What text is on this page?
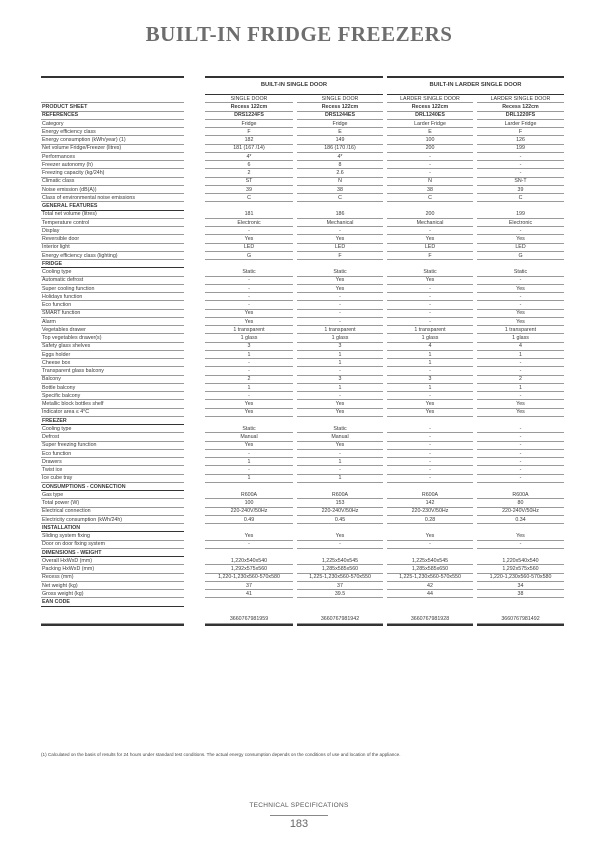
BUILT-IN FRIDGE FREEZERS

		BUILT-IN SINGLE DOOR				BUILT-IN LARDER SINGLE DOOR		
		SINGLE DOOR		SINGLE DOOR		LARDER SINGLE DOOR		LARDER SINGLE DOOR
PRODUCT SHEET		Recess 122cm		Recess 122cm		Recess 122cm		Recess 122cm
REFERENCES		DRS1224FS		DRS1244ES		DRL1240ES		DRL1220FS
Category		Fridge		Fridge		Larder Fridge		Larder Fridge
Energy efficiency class		F		E		E		F
Energy consumption (kWh/year) (1)		182		149		100		126
Net volume Fridge/Freezer (litres)		181 (167 /14)		186 (170 /16)		200		199
Performances		4*		4*		-		-
Freezer autonomy (h)		6		8		-		-
Freezing capacity (kg/24h)		2		2.6		-		-
Climatic class		ST		N		N		SN-T
Noise emission (dB(A))		39		38		38		39
Class of environmental noise emissions		C		C		C		C
GENERAL FEATURES								
Total net volume (litres)		181		186		200		199
Temperature control		Electronic		Mechanical		Mechanical		Electronic
Display		-		-		-		-
Reversible door		Yes		Yes		Yes		Yes
Interior light		LED		LED		LED		LED
Energy efficiency class (lighting)		G		F		F		G
FRIDGE								
Cooling type		Static		Static		Static		Static
Automatic defrost		-		Yes		Yes		-
Super cooling function		-		Yes		-		Yes
Holidays function		-		-		-		-
Eco function		-		-		-		-
SMART function		Yes		-		-		Yes
Alarm		Yes		-		-		Yes
Vegetables drawer		1 transparent		1 transparent		1 transparent		1 transparent
Top vegetables drawer(s)		1 glass		1 glass		1 glass		1 glass
Safety glass shelves		3		3		4		4
Eggs holder		1		1		1		1
Cheese box		-		1		1		-
Transparent glass balcony		-		-		-		-
Balcony		2		3		3		2
Bottle balcony		1		1		1		1
Specific balcony		-		-		-		-
Metallic block bottles shelf		Yes		Yes		Yes		Yes
Indicator area ≤ 4°C		Yes		Yes		Yes		Yes
FREEZER								
Cooling type		Static		Static		-		-
Defrost		Manual		Manual		-		-
Super freezing function		Yes		Yes		-		-
Eco function		-		-		-		-
Drawers		1		1		-		-
Twist ice		-		-		-		-
Ice cube tray		1		1		-		-
CONSUMPTIONS - CONNECTION								
Gas type		R600A		R600A		R600A		R600A
Total power (W)		100		153		142		80
Electrical connection		220-240V/50Hz		220-240V/50Hz		220-230V/50Hz		220-240V/50Hz
Electricity consumption (kWh/24h)		0.49		0.45		0.28		0.34
INSTALLATION								
Sliding system fixing		Yes		Yes		Yes		Yes
Door on door fixing system		-		-		-		-
DIMENSIONS - WEIGHT								
Overall HxWxD (mm)		1,220x540x540		1,225x540x545		1,225x540x545		1,220x540x540
Packing HxWxD (mm)		1,292x575x560		1,285x585x560		1,285x585x650		1,292x575x560
Recess (mm)		1,220-1,230x560-570x580		1,225-1,230x560-570x550		1,225-1,230x560-570x550		1,220-1,230x560-570x580
Net weight (kg)		37		37		42		34
Gross weight (kg)		41		39.5		44		38
EAN CODE								

		3660767981959		3660767981942		3660767981928		3660767981492

(1) Calculated on the basis of results for 24 hours under standard test conditions. The actual energy consumption depends on the conditions of use and location of the appliance.
TECHNICAL SPECIFICATIONS
183
